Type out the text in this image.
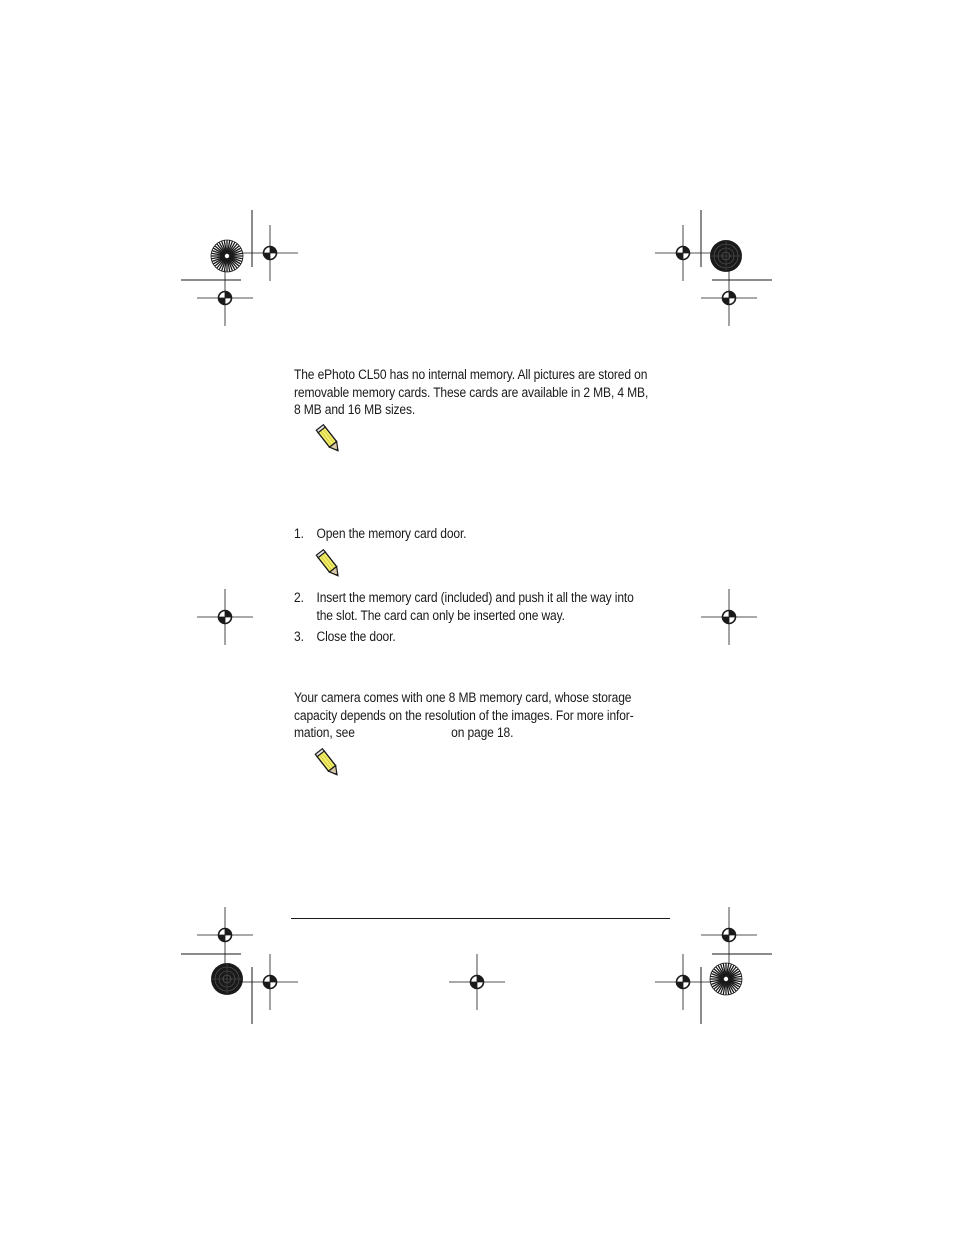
The ePhoto CL50 has no internal memory. All pictures are stored on
removable memory cards. These cards are available in 2 MB, 4 MB,
8 MB and 16 MB sizes.
1. Open the memory card door.
2. Insert the memory card (included) and push it all the way into
the slot. The card can only be inserted one way.
3. Close the door.
Your camera comes with one 8 MB memory card, whose storage
capacity depends on the resolution of the images. For more infor-
mation, see	on page 18.
